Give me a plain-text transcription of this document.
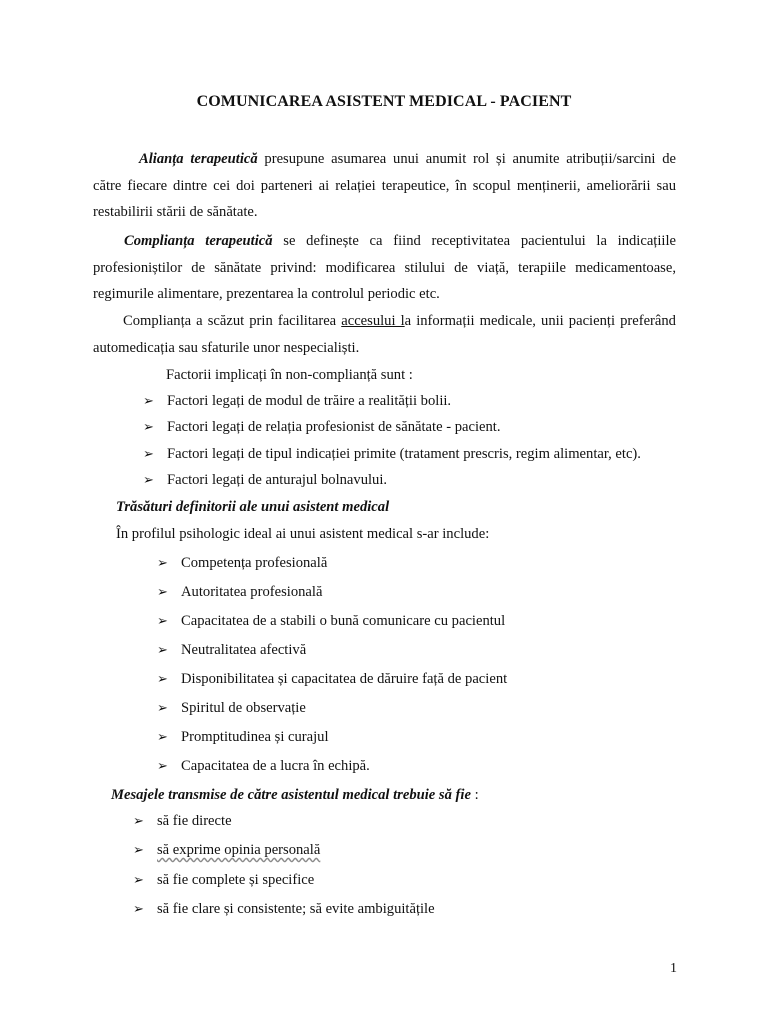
COMUNICAREA ASISTENT MEDICAL - PACIENT

Alianța terapeutică presupune asumarea unui anumit rol și anumite atribuții/sarcini de către fiecare dintre cei doi parteneri ai relației terapeutice, în scopul menținerii, ameliorării sau restabilirii stării de sănătate.

Complianța terapeutică se definește ca fiind receptivitatea pacientului la indicațiile profesioniștilor de sănătate privind: modificarea stilului de viață, terapiile medicamentoase, regimurile alimentare, prezentarea la controlul periodic etc.

Complianța a scăzut prin facilitarea accesului la informații medicale, unii pacienți preferând automedicația sau sfaturile unor nespecialiști.

Factorii implicați în non-complianță sunt :
➢ Factori legați de modul de trăire a realității bolii.
➢ Factori legați de relația profesionist de sănătate - pacient.
➢ Factori legați de tipul indicației primite (tratament prescris, regim alimentar, etc).
➢ Factori legați de anturajul bolnavului.
Trăsături definitorii ale unui asistent medical
În profilul psihologic ideal ai unui asistent medical s-ar include:
➢ Competența profesională
➢ Autoritatea profesională
➢ Capacitatea de a stabili o bună comunicare cu pacientul
➢ Neutralitatea afectivă
➢ Disponibilitatea și capacitatea de dăruire față de pacient
➢ Spiritul de observație
➢ Promptitudinea și curajul
➢ Capacitatea de a lucra în echipă.
Mesajele transmise de către asistentul medical trebuie să fie :
➢ să fie directe
➢ să exprime opinia personală
➢ să fie complete și specifice
➢ să fie clare și consistente; să evite ambiguitățile
1
